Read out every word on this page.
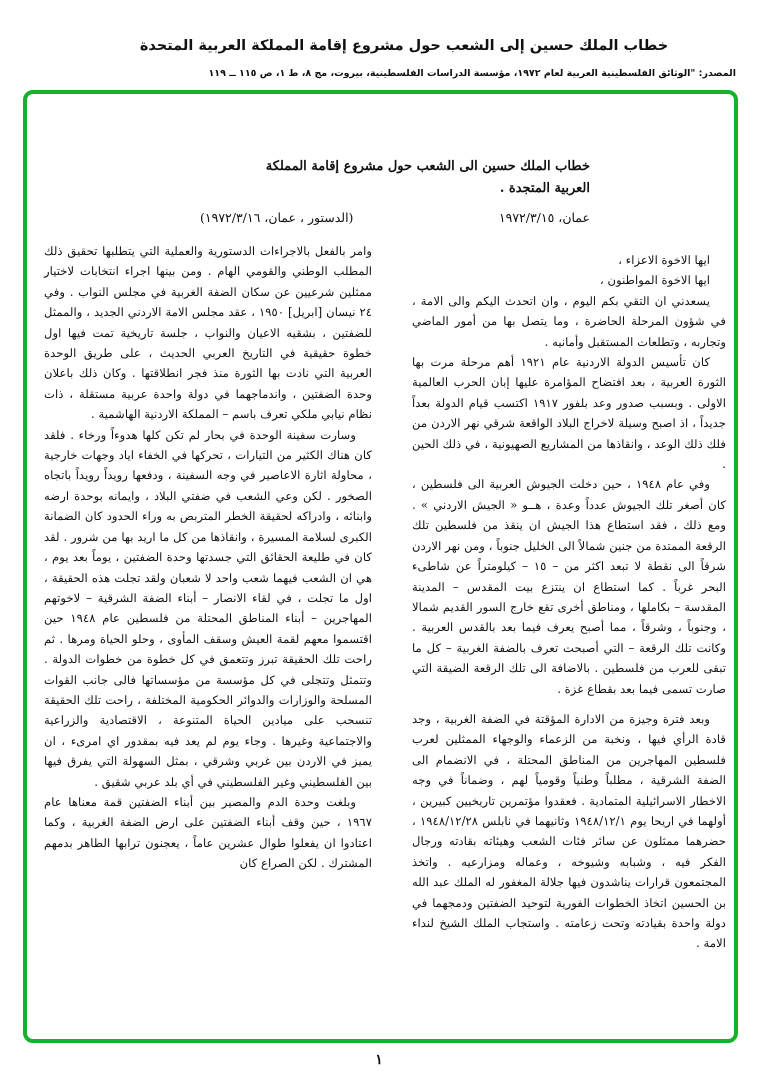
خطاب الملك حسين إلى الشعب حول مشروع إقامة المملكة العربية المتحدة
المصدر: "الوثائق الفلسطينية العربية لعام ١٩٧٢، مؤسسة الدراسات الفلسطينية، بيروت، مج ٨، ط ١، ص ١١٥ ــ ١١٩
خطاب الملك حسين الى الشعب حول مشروع إقامة المملكة
العربية المتجدة .
عمان، ١٩٧٢/٣/١٥
(الدستور ، عمان، ١٩٧٢/٣/١٦)

ايها الاخوة الاعزاء ،

ايها الاخوة المواطنون ،

يسعدني ان التقي بكم اليوم ، وان اتحدث اليكم والى الامة ، في شؤون المرحلة الحاضرة ، وما يتصل بها من أمور الماضي وتجاربه ، وتطلعات المستقبل وأمانيه .

كان تأسيس الدولة الاردنية عام ١٩٢١ أهم مرحلة مرت بها الثورة العربية ، بعد افتضاح المؤامرة عليها إبان الحرب العالمية الاولى . وبسبب صدور وعد بلفور ١٩١٧ اكتسب قيام الدولة بعداً جديداً ، اذ اصبح وسيلة لاخراج البلاد الواقعة شرقي نهر الاردن من فلك ذلك الوعد ، وانقاذها من المشاريع الصهيونية ، في ذلك الحين .

وفي عام ١٩٤٨ ، حين دخلت الجيوش العربية الى فلسطين ، كان أصغر تلك الجيوش عدداً وعدة ، هــو « الجيش الاردني » . ومع ذلك ، فقد استطاع هذا الجيش ان ينقذ من فلسطين تلك الرقعة الممتدة من جنين شمالاً الى الخليل جنوباً ، ومن نهر الاردن شرقاً الى نقطة لا تبعد اكثر من – ١٥ – كيلومتراً عن شاطىء البحر غرباً . كما استطاع ان ينتزع بيت المقدس – المدينة المقدسة – بكاملها ، ومناطق أخرى تقع خارج السور القديم شمالا ، وجنوباً ، وشرقاً ، مما أصبح يعرف فيما بعد بالقدس العربية . وكانت تلك الرقعة – التي أصبحت تعرف بالضفة الغربية – كل ما تبقى للعرب من فلسطين . بالاضافة الى تلك الرقعة الضيقة التي صارت تسمى فيما بعد بقطاع غزة .

وبعد فترة وجيزة من الادارة المؤقتة في الضفة الغربية ، وجد قادة الرأي فيها ، ونخبة من الزعماء والوجهاء الممثلين لعرب فلسطين المهاجرين من المناطق المحتلة ، في الانضمام الى الضفة الشرقية ، مطلباً وطنياً وقومياً لهم ، وضماناً في وجه الاخطار الاسرائيلية المتمادية . فعقدوا مؤتمرين تاريخيين كبيرين ، أولهما في اريحا يوم ١٩٤٨/١٢/١ وثانيهما في نابلس ١٩٤٨/١٢/٢٨ ، حضرهما ممثلون عن سائر فئات الشعب وهيئاته بقادته ورجال الفكر فيه ، وشبابه وشيوخه ، وعماله ومزارعيه . واتخذ المجتمعون قرارات يناشدون فيها جلالة المغفور له الملك عبد الله بن الحسين اتخاذ الخطوات الفورية لتوحيد الضفتين ودمجهما في دولة واحدة بقيادته وتحت زعامته . واستجاب الملك الشيخ لنداء الامة .

وامر بالفعل بالاجراءات الدستورية والعملية التي يتطلبها تحقيق ذلك المطلب الوطني والقومي الهام . ومن بينها اجراء انتخابات لاختيار ممثلين شرعيين عن سكان الضفة الغربية في مجلس النواب . وفي ٢٤ نيسان [ابريل] ١٩٥٠ ، عقد مجلس الامة الاردني الجديد ، والممثل للضفتين ، بشقيه الاعيان والنواب ، جلسة تاريخية تمت فيها اول خطوة حقيقية في التاريخ العربي الحديث ، على طريق الوحدة العربية التي نادت بها الثورة منذ فجر انطلاقتها . وكان ذلك باعلان وحدة الضفتين ، واندماجهما في دولة واحدة عربية مستقلة ، ذات نظام نيابي ملكي تعرف باسم – المملكة الاردنية الهاشمية .

وسارت سفينة الوحدة في بحار لم تكن كلها هدوءاً ورخاء . فلقد كان هناك الكثير من التيارات ، تحركها في الخفاء اياد وجهات خارجية ، محاولة اثارة الاعاصير في وجه السفينة ، ودفعها رويداً رويداً باتجاه الصخور . لكن وعي الشعب في ضفتي البلاد ، وايمانه بوحدة ارضه وابنائه ، وادراكه لحقيقة الخطر المتربص به وراء الحدود كان الضمانة الكبرى لسلامة المسيرة ، وانقاذها من كل ما اريد بها من شرور . لقد كان في طليعة الحقائق التي جسدتها وحدة الضفتين ، يوماً بعد يوم ، هي ان الشعب فيهما شعب واحد لا شعبان ولقد تجلت هذه الحقيقة ، اول ما تجلت ، في لقاء الانصار – أبناء الضفة الشرقية – لاخوتهم المهاجرين – أبناء المناطق المحتلة من فلسطين عام ١٩٤٨ حين اقتسموا معهم لقمة العيش وسقف المأوى ، وحلو الحياة ومرها . ثم راحت تلك الحقيقة تبرز وتتعمق في كل خطوة من خطوات الدولة . وتتمثل وتتجلى في كل مؤسسة من مؤسساتها فالى جانب القوات المسلحة والوزارات والدوائر الحكومية المختلفة ، راحت تلك الحقيقة تنسحب على ميادين الحياة المتنوعة ، الاقتصادية والزراعية والاجتماعية وغيرها . وجاء يوم لم يعد فيه بمقدور اي امرىء ، ان يميز في الاردن بين غربي وشرقي ، بمثل السهولة التي يفرق فيها بين الفلسطيني وغير الفلسطيني في أي بلد عربي شقيق .

وبلغت وحدة الدم والمصير بين أبناء الضفتين قمة معناها عام ١٩٦٧ ، حين وقف أبناء الضفتين على ارض الضفة الغربية ، وكما اعتادوا ان يفعلوا طوال عشرين عاماً ، يعجنون ترابها الطاهر بدمهم المشترك . لكن الصراع كان

١
